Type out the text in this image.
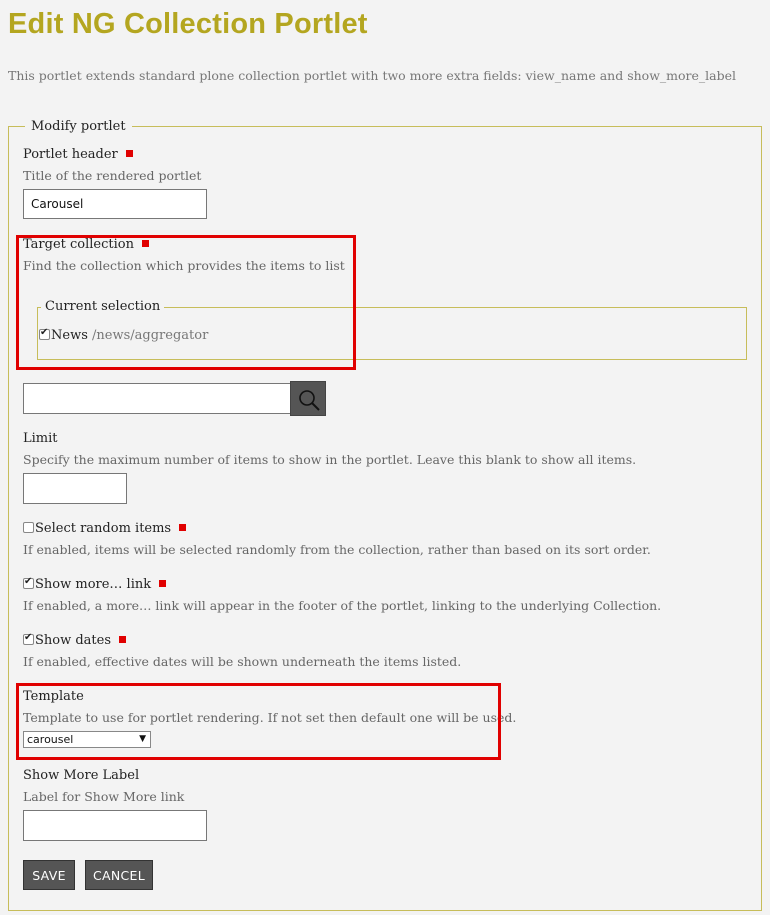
Edit NG Collection Portlet
This portlet extends standard plone collection portlet with two more extra fields: view_name and show_more_label
Modify portlet
Portlet header
Title of the rendered portlet
Carousel
Target collection
Find the collection which provides the items to list
Current selection
✔News /news/aggregator
Limit
Specify the maximum number of items to show in the portlet. Leave this blank to show all items.
Select random items
If enabled, items will be selected randomly from the collection, rather than based on its sort order.
✔Show more… link
If enabled, a more… link will appear in the footer of the portlet, linking to the underlying Collection.
✔Show dates
If enabled, effective dates will be shown underneath the items listed.
Template
Template to use for portlet rendering. If not set then default one will be used.
carousel	▼
Show More Label
Label for Show More link
SAVE	CANCEL
